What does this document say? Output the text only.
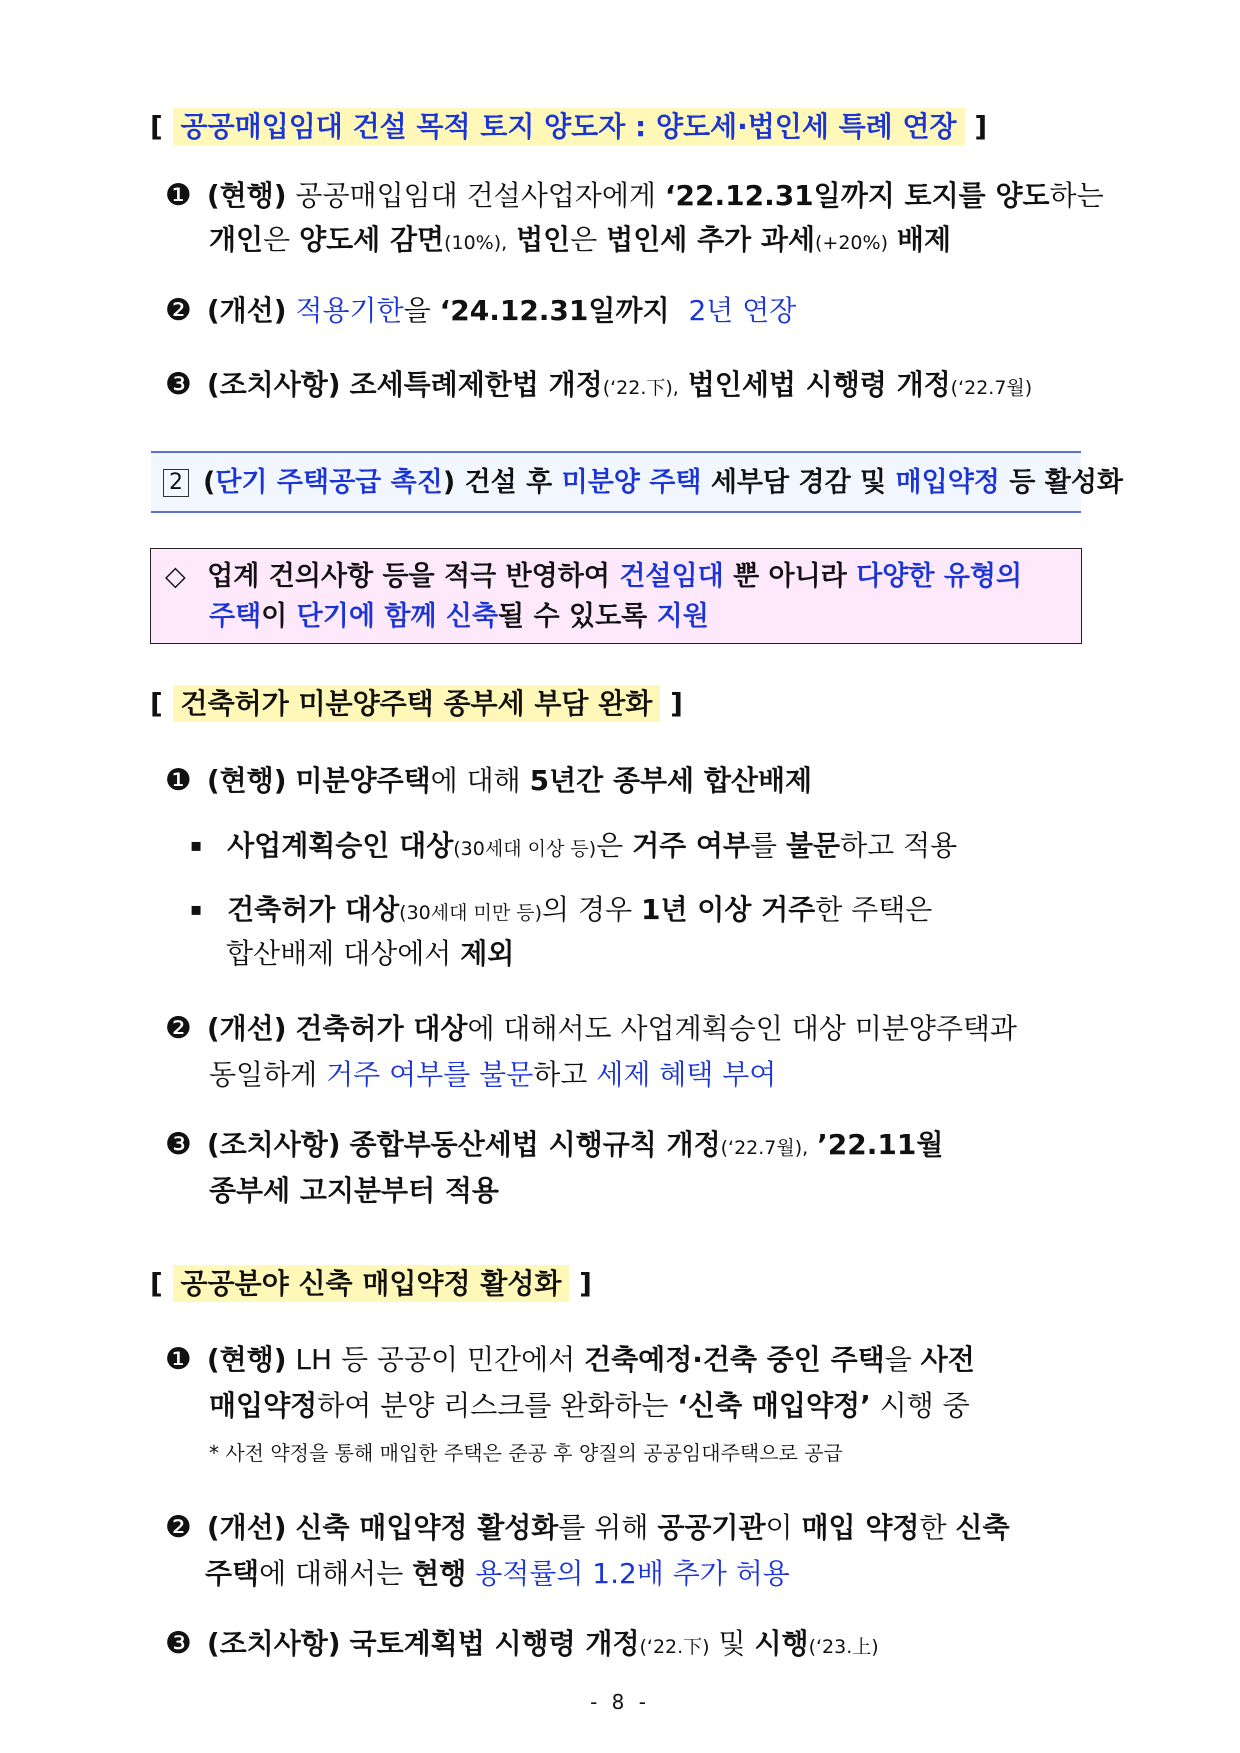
[ 공공매입임대 건설 목적 토지 양도자 : 양도세·법인세 특례 연장 ]
❶ (현행) 공공매입임대 건설사업자에게 ‘22.12.31일까지 토지를 양도하는
개인은 양도세 감면(10%), 법인은 법인세 추가 과세(+20%) 배제
❷ (개선) 적용기한을 ‘24.12.31일까지 2년 연장
❸ (조치사항) 조세특례제한법 개정(‘22.下), 법인세법 시행령 개정(‘22.7월)
2 (단기 주택공급 촉진) 건설 후 미분양 주택 세부담 경감 및 매입약정 등 활성화
◇ 업계 건의사항 등을 적극 반영하여 건설임대 뿐 아니라 다양한 유형의
주택이 단기에 함께 신축될 수 있도록 지원
[ 건축허가 미분양주택 종부세 부담 완화 ]
❶ (현행) 미분양주택에 대해 5년간 종부세 합산배제
▪ 사업계획승인 대상(30세대 이상 등)은 거주 여부를 불문하고 적용
▪ 건축허가 대상(30세대 미만 등)의 경우 1년 이상 거주한 주택은
합산배제 대상에서 제외
❷ (개선) 건축허가 대상에 대해서도 사업계획승인 대상 미분양주택과
동일하게 거주 여부를 불문하고 세제 혜택 부여
❸ (조치사항) 종합부동산세법 시행규칙 개정(‘22.7월), ’22.11월
종부세 고지분부터 적용
[ 공공분야 신축 매입약정 활성화 ]
❶ (현행) LH 등 공공이 민간에서 건축예정·건축 중인 주택을 사전
매입약정하여 분양 리스크를 완화하는 ‘신축 매입약정’ 시행 중
* 사전 약정을 통해 매입한 주택은 준공 후 양질의 공공임대주택으로 공급
❷ (개선) 신축 매입약정 활성화를 위해 공공기관이 매입 약정한 신축
주택에 대해서는 현행 용적률의 1.2배 추가 허용
❸ (조치사항) 국토계획법 시행령 개정(‘22.下) 및 시행(‘23.上)
- 8 -
